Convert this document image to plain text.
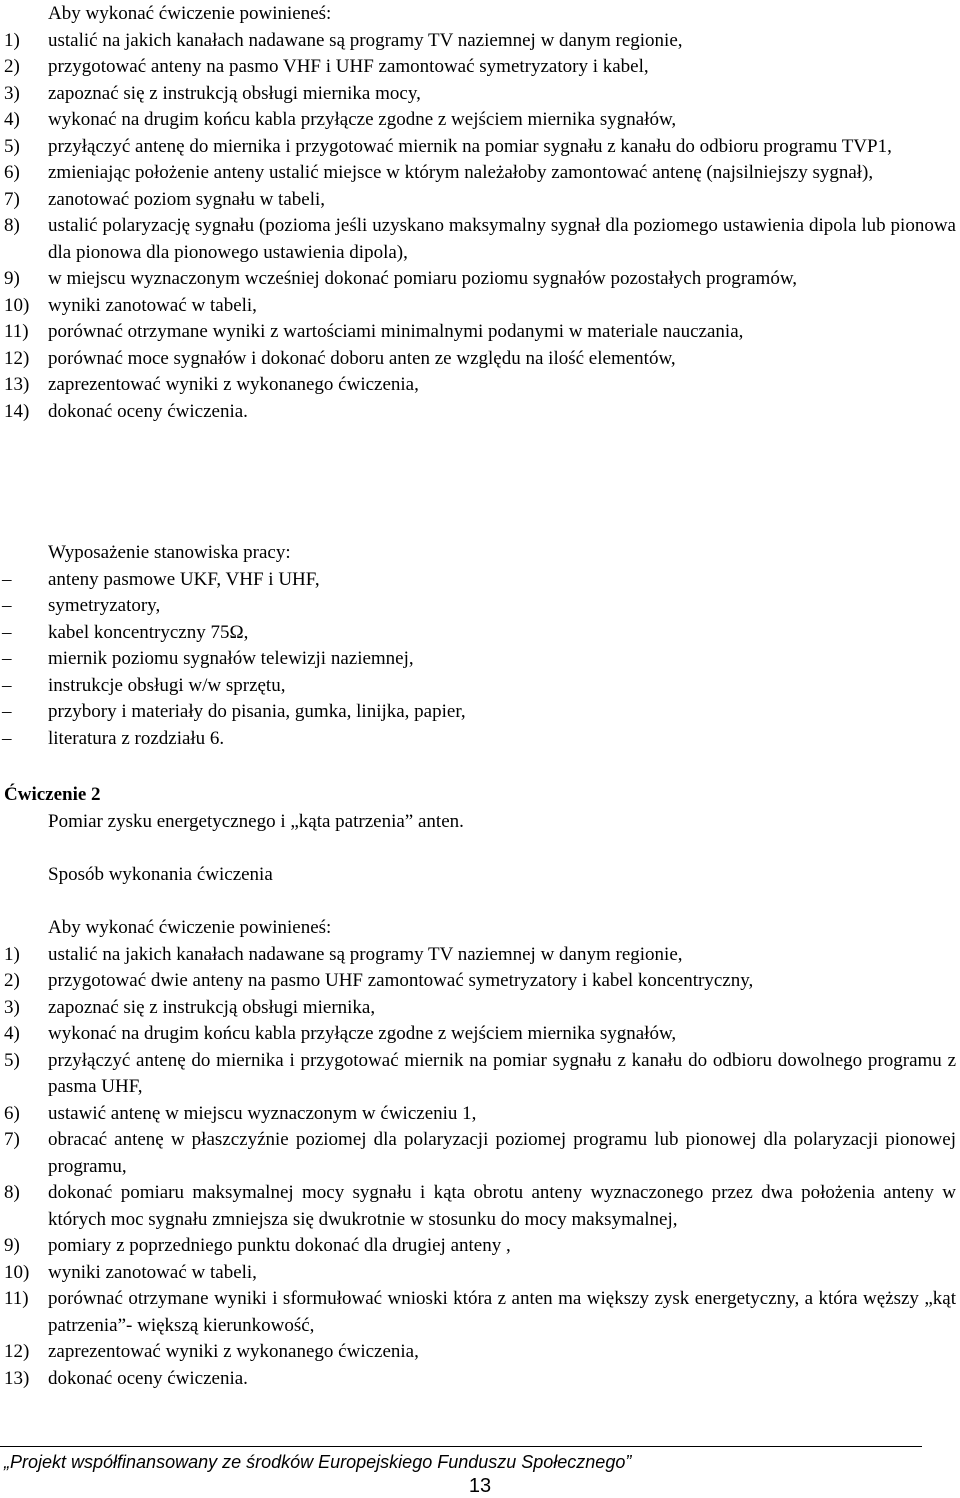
Aby wykonać ćwiczenie powinieneś:
1) ustalić na jakich kanałach nadawane są programy TV naziemnej w danym regionie,
2) przygotować anteny na pasmo VHF i UHF zamontować symetryzatory i kabel,
3) zapoznać się z instrukcją obsługi miernika mocy,
4) wykonać na drugim końcu kabla przyłącze zgodne z wejściem miernika sygnałów,
5) przyłączyć antenę do miernika i przygotować miernik na pomiar sygnału z kanału do odbioru programu TVP1,
6) zmieniając położenie anteny ustalić miejsce w którym należałoby zamontować antenę (najsilniejszy sygnał),
7) zanotować poziom sygnału w tabeli,
8) ustalić polaryzację sygnału (pozioma jeśli uzyskano maksymalny sygnał dla poziomego ustawienia dipola lub pionowa dla pionowa dla pionowego ustawienia dipola),
9) w miejscu wyznaczonym wcześniej dokonać pomiaru poziomu sygnałów pozostałych programów,
10) wyniki zanotować w tabeli,
11) porównać otrzymane wyniki z wartościami minimalnymi podanymi w materiale nauczania,
12) porównać moce sygnałów i dokonać doboru anten ze względu na ilość elementów,
13) zaprezentować wyniki z wykonanego ćwiczenia,
14) dokonać oceny ćwiczenia.
Wyposażenie stanowiska pracy:
– anteny pasmowe UKF, VHF i UHF,
– symetryzatory,
– kabel koncentryczny 75Ω,
– miernik poziomu sygnałów telewizji naziemnej,
– instrukcje obsługi w/w sprzętu,
– przybory i materiały do pisania, gumka, linijka, papier,
– literatura z rozdziału 6.
Ćwiczenie 2
Pomiar zysku energetycznego i „kąta patrzenia” anten.
Sposób wykonania ćwiczenia
Aby wykonać ćwiczenie powinieneś:
1) ustalić na jakich kanałach nadawane są programy TV naziemnej w danym regionie,
2) przygotować dwie anteny na pasmo UHF zamontować symetryzatory i kabel koncentryczny,
3) zapoznać się z instrukcją obsługi miernika,
4) wykonać na drugim końcu kabla przyłącze zgodne z wejściem miernika sygnałów,
5) przyłączyć antenę do miernika i przygotować miernik na pomiar sygnału z kanału do odbioru dowolnego programu z pasma UHF,
6) ustawić antenę w miejscu wyznaczonym w ćwiczeniu 1,
7) obracać antenę w płaszczyźnie poziomej dla polaryzacji poziomej programu lub pionowej dla polaryzacji pionowej programu,
8) dokonać pomiaru maksymalnej mocy sygnału i kąta obrotu anteny wyznaczonego przez dwa położenia anteny w których moc sygnału zmniejsza się dwukrotnie w stosunku do mocy maksymalnej,
9) pomiary z poprzedniego punktu dokonać dla drugiej anteny ,
10) wyniki zanotować w tabeli,
11) porównać otrzymane wyniki i sformułować wnioski która z anten ma większy zysk energetyczny, a która węższy „kąt patrzenia”- większą kierunkowość,
12) zaprezentować wyniki z wykonanego ćwiczenia,
13) dokonać oceny ćwiczenia.
„Projekt współfinansowany ze środków Europejskiego Funduszu Społecznego”
13
